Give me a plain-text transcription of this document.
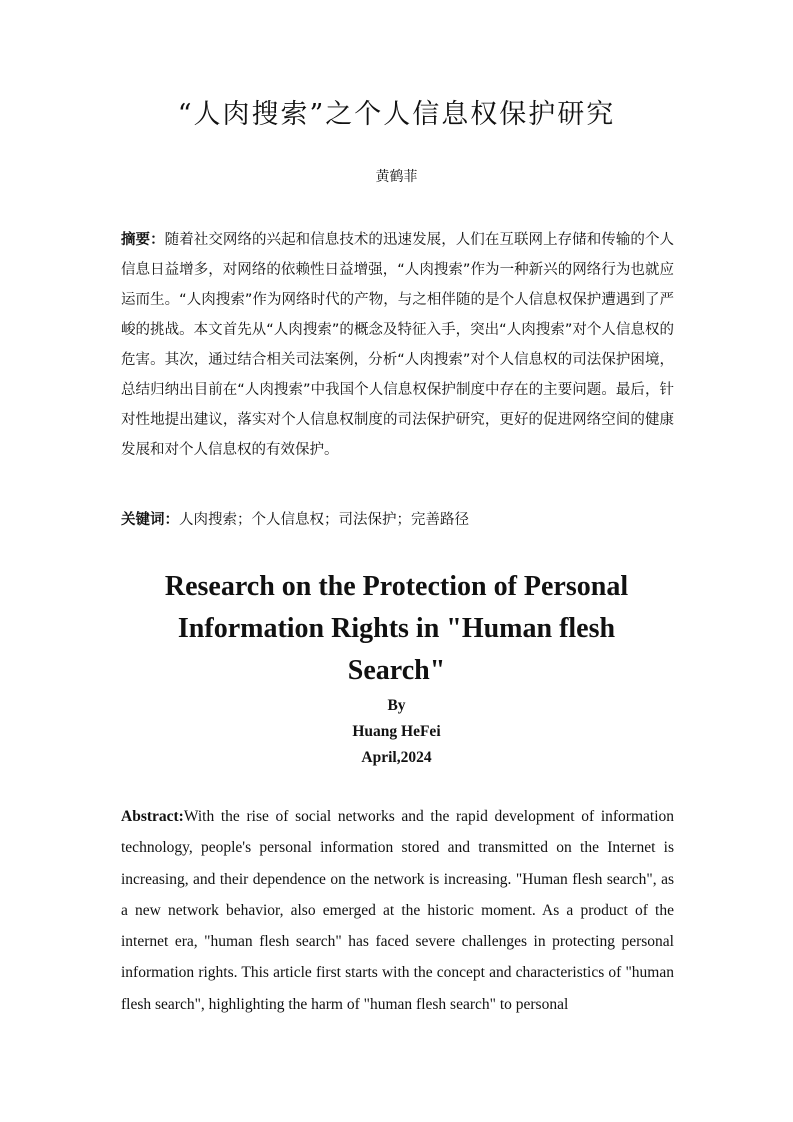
“人肉搜索”之个人信息权保护研究
黄鹤菲
摘要：随着社交网络的兴起和信息技术的迅速发展，人们在互联网上存储和传输的个人信息日益增多，对网络的依赖性日益增强，“人肉搜索”作为一种新兴的网络行为也就应运而生。“人肉搜索”作为网络时代的产物，与之相伴随的是个人信息权保护遭遇到了严峻的挑战。本文首先从“人肉搜索”的概念及特征入手，突出“人肉搜索”对个人信息权的危害。其次，通过结合相关司法案例，分析“人肉搜索”对个人信息权的司法保护困境，总结归纳出目前在“人肉搜索”中我国个人信息权保护制度中存在的主要问题。最后，针对性地提出建议，落实对个人信息权制度的司法保护研究，更好的促进网络空间的健康发展和对个人信息权的有效保护。
关键词：人肉搜索；个人信息权；司法保护；完善路径
Research on the Protection of Personal Information Rights in "Human flesh Search"
By
Huang HeFei
April,2024
Abstract:With the rise of social networks and the rapid development of information technology, people's personal information stored and transmitted on the Internet is increasing, and their dependence on the network is increasing. "Human flesh search", as a new network behavior, also emerged at the historic moment. As a product of the internet era, "human flesh search" has faced severe challenges in protecting personal information rights. This article first starts with the concept and characteristics of "human flesh search", highlighting the harm of "human flesh search" to personal
